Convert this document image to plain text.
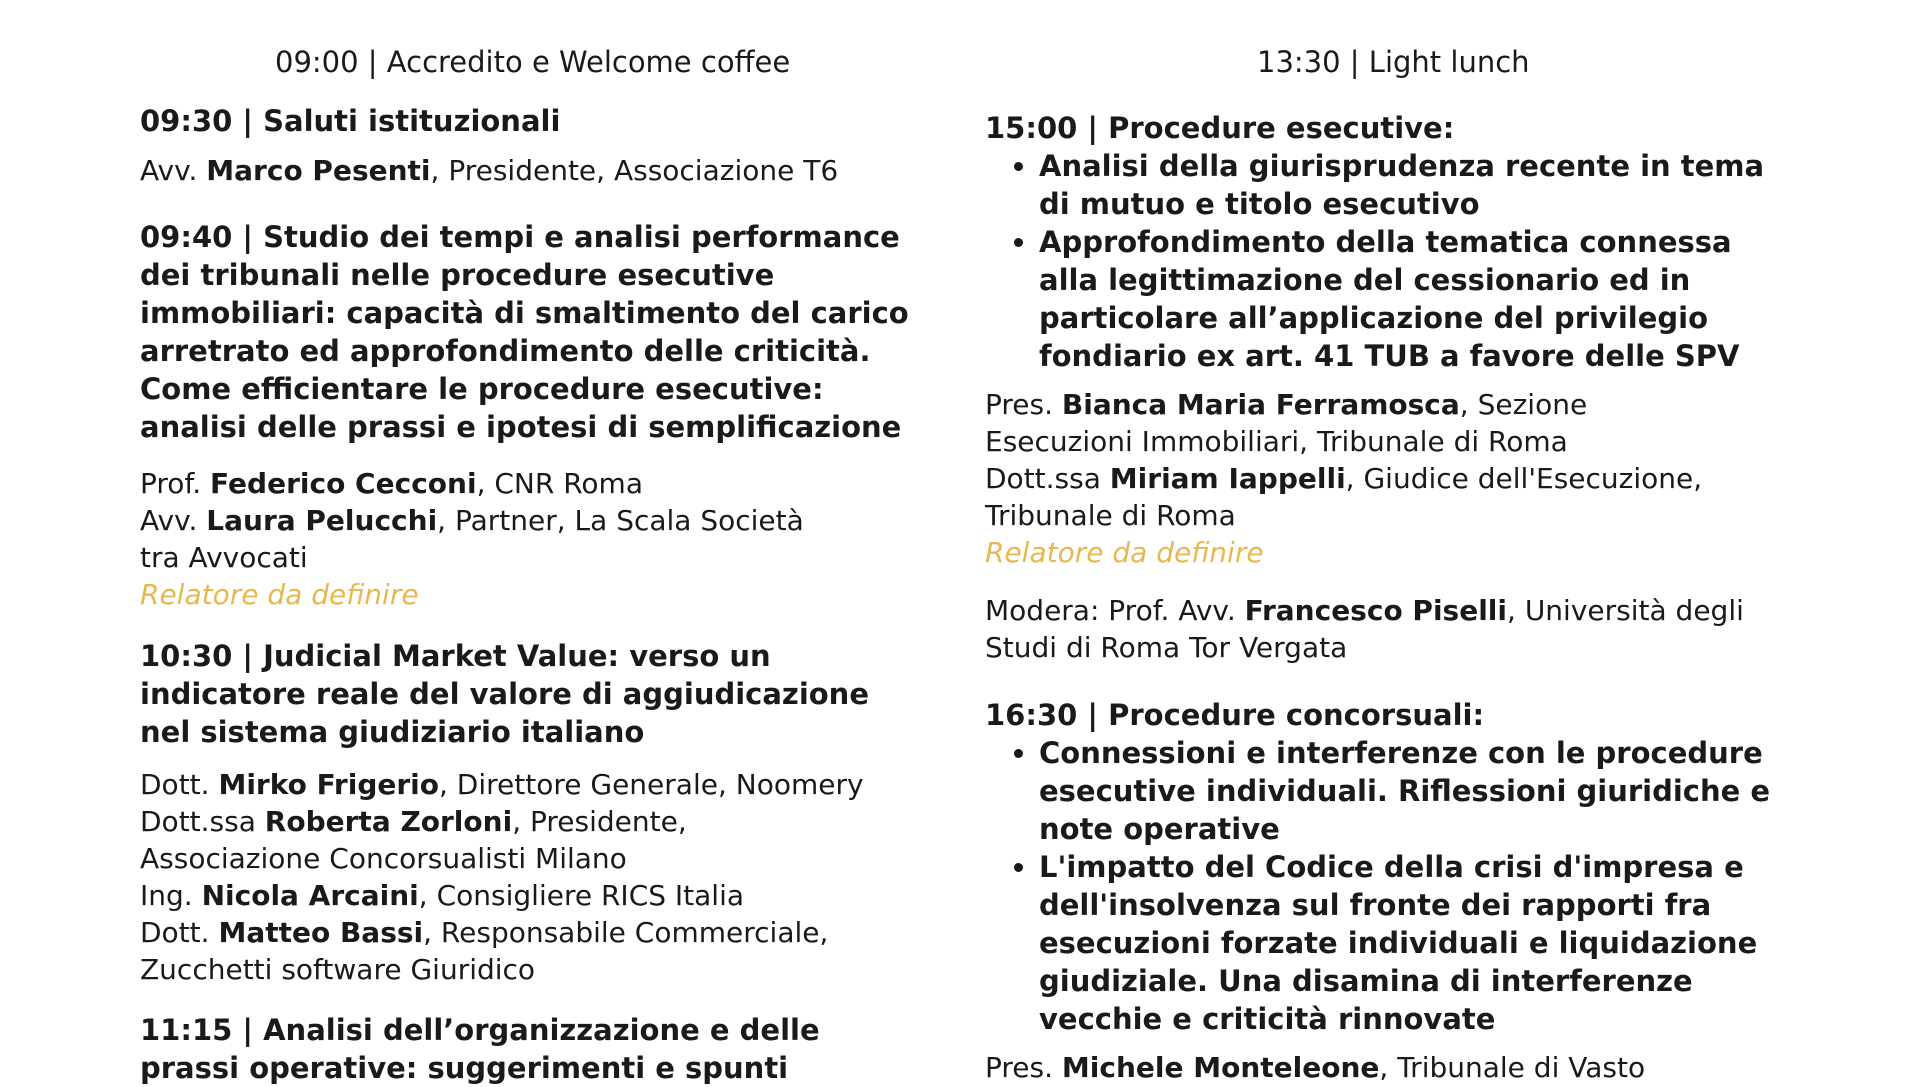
09:00 | Accredito e Welcome coffee

09:30 | Saluti istituzionali

Avv. Marco Pesenti, Presidente, Associazione T6

09:40 | Studio dei tempi e analisi performance dei tribunali nelle procedure esecutive immobiliari: capacità di smaltimento del carico arretrato ed approfondimento delle criticità.

Come efficientare le procedure esecutive: analisi delle prassi e ipotesi di semplificazione

Prof. Federico Cecconi, CNR Roma

Avv. Laura Pelucchi, Partner, La Scala Società tra Avvocati

Relatore da definire

10:30 | Judicial Market Value: verso un indicatore reale del valore di aggiudicazione nel sistema giudiziario italiano

Dott. Mirko Frigerio, Direttore Generale, Noomery

Dott.ssa Roberta Zorloni, Presidente, Associazione Concorsualisti Milano

Ing. Nicola Arcaini, Consigliere RICS Italia

Dott. Matteo Bassi, Responsabile Commerciale, Zucchetti software Giuridico

11:15 | Analisi dell’organizzazione e delle prassi operative: suggerimenti e spunti

13:30 | Light lunch

15:00 | Procedure esecutive:

• Analisi della giurisprudenza recente in tema di mutuo e titolo esecutivo
• Approfondimento della tematica connessa alla legittimazione del cessionario ed in particolare all’applicazione del privilegio fondiario ex art. 41 TUB a favore delle SPV

Pres. Bianca Maria Ferramosca, Sezione Esecuzioni Immobiliari, Tribunale di Roma

Dott.ssa Miriam Iappelli, Giudice dell'Esecuzione, Tribunale di Roma

Relatore da definire

Modera: Prof. Avv. Francesco Piselli, Università degli Studi di Roma Tor Vergata

16:30 | Procedure concorsuali:

• Connessioni e interferenze con le procedure esecutive individuali. Riflessioni giuridiche e note operative
• L'impatto del Codice della crisi d'impresa e dell'insolvenza sul fronte dei rapporti fra esecuzioni forzate individuali e liquidazione giudiziale. Una disamina di interferenze vecchie e criticità rinnovate

Pres. Michele Monteleone, Tribunale di Vasto
